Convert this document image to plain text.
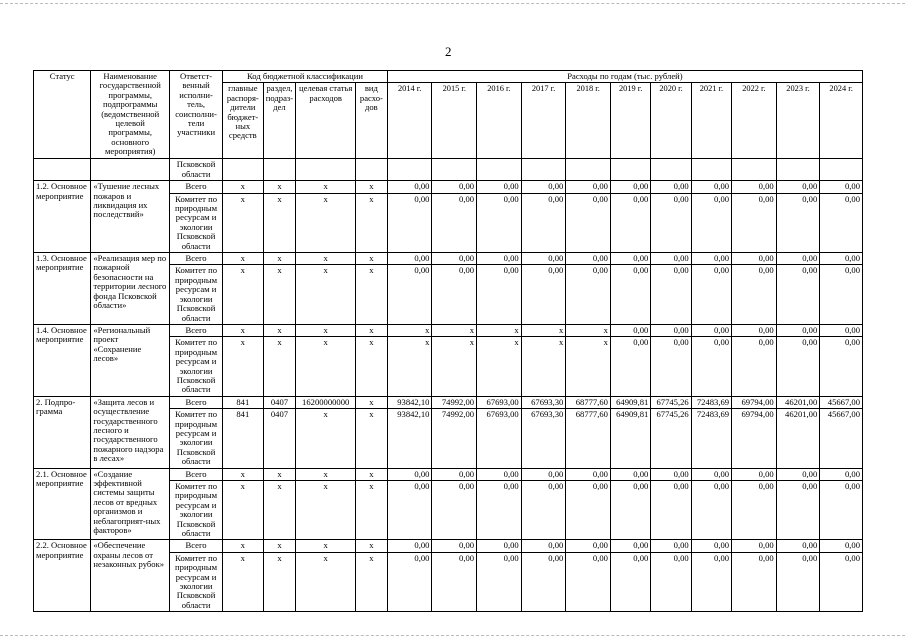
2
Статус	Наименование государственной программы, подпрограммы (ведомственной целевой программы, основного мероприятия)	Ответст-венный исполни-тель, соисполни-тели участники	Код бюджетной классификации				Расходы по годам (тыс. рублей)										
			главные распоря-дители бюджет-ных средств	раздел, подраз-дел	целевая статья расходов	вид расхо-дов	2014 г.	2015 г.	2016 г.	2017 г.	2018 г.	2019 г.	2020 г.	2021 г.	2022 г.	2023 г.	2024 г.
		Псковской области															
1.2. Основное мероприятие	«Тушение лесных пожаров и ликвидация их последствий»	Всего	x	x	x	x	0,00	0,00	0,00	0,00	0,00	0,00	0,00	0,00	0,00	0,00	0,00
		Комитет по природным ресурсам и экологии Псковской области	x	x	x	x	0,00	0,00	0,00	0,00	0,00	0,00	0,00	0,00	0,00	0,00	0,00
1.3. Основное мероприятие	«Реализация мер по пожарной безопасности на территории лесного фонда Псковской области»	Всего	x	x	x	x	0,00	0,00	0,00	0,00	0,00	0,00	0,00	0,00	0,00	0,00	0,00
		Комитет по природным ресурсам и экологии Псковской области	x	x	x	x	0,00	0,00	0,00	0,00	0,00	0,00	0,00	0,00	0,00	0,00	0,00
1.4. Основное мероприятие	«Региональный проект «Сохранение лесов»	Всего	x	x	x	x	x	x	x	x	x	0,00	0,00	0,00	0,00	0,00	0,00
		Комитет по природным ресурсам и экологии Псковской области	x	x	x	x	x	x	x	x	x	0,00	0,00	0,00	0,00	0,00	0,00
2. Подпро-грамма	«Защита лесов и осуществление государственного лесного и государственного пожарного надзора в лесах»	Всего	841	0407	16200000000	x	93842,10	74992,00	67693,00	67693,30	68777,60	64909,81	67745,26	72483,69	69794,00	46201,00	45667,00
		Комитет по природным ресурсам и экологии Псковской области	841	0407	x	x	93842,10	74992,00	67693,00	67693,30	68777,60	64909,81	67745,26	72483,69	69794,00	46201,00	45667,00
2.1. Основное мероприятие	«Создание эффективной системы защиты лесов от вредных организмов и неблагоприят-ных факторов»	Всего	x	x	x	x	0,00	0,00	0,00	0,00	0,00	0,00	0,00	0,00	0,00	0,00	0,00
		Комитет по природным ресурсам и экологии Псковской области	x	x	x	x	0,00	0,00	0,00	0,00	0,00	0,00	0,00	0,00	0,00	0,00	0,00
2.2. Основное мероприятие	«Обеспечение охраны лесов от незаконных рубок»	Всего	x	x	x	x	0,00	0,00	0,00	0,00	0,00	0,00	0,00	0,00	0,00	0,00	0,00
		Комитет по природным ресурсам и экологии Псковской области	x	x	x	x	0,00	0,00	0,00	0,00	0,00	0,00	0,00	0,00	0,00	0,00	0,00
